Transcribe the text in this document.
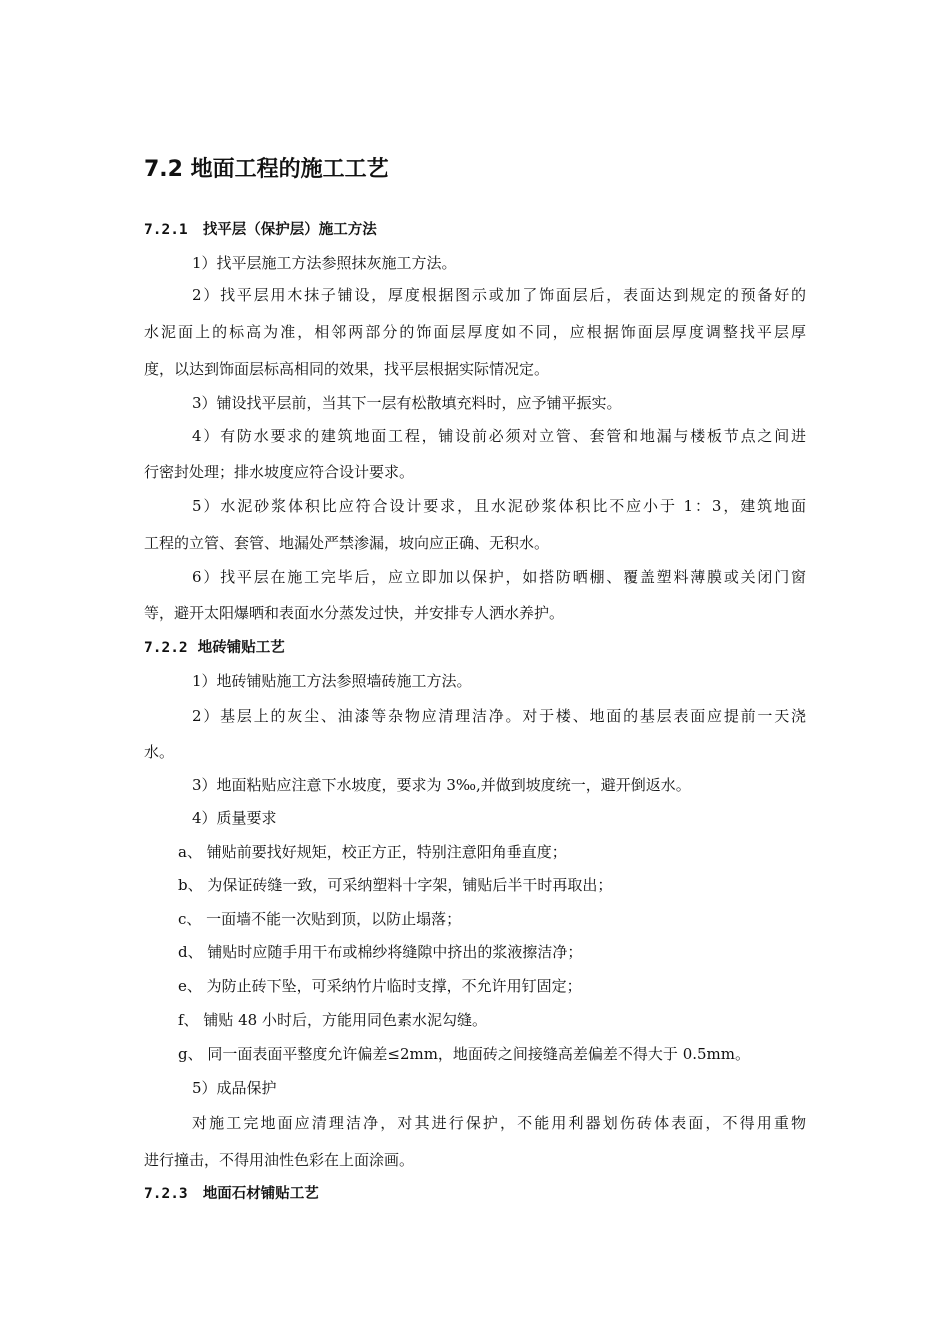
7.2 地面工程的施工工艺
7.2.1 找平层（保护层）施工方法
1）找平层施工方法参照抹灰施工方法。
2）找平层用木抹子铺设，厚度根据图示或加了饰面层后，表面达到规定的预备好的
水泥面上的标高为准，相邻两部分的饰面层厚度如不同，应根据饰面层厚度调整找平层厚
度，以达到饰面层标高相同的效果，找平层根据实际情况定。
3）铺设找平层前，当其下一层有松散填充料时，应予铺平振实。
4）有防水要求的建筑地面工程，铺设前必须对立管、套管和地漏与楼板节点之间进
行密封处理；排水坡度应符合设计要求。
5）水泥砂浆体积比应符合设计要求，且水泥砂浆体积比不应小于 1：3，建筑地面
工程的立管、套管、地漏处严禁渗漏，坡向应正确、无积水。
6）找平层在施工完毕后，应立即加以保护，如搭防晒棚、覆盖塑料薄膜或关闭门窗
等，避开太阳爆晒和表面水分蒸发过快，并安排专人洒水养护。
7.2.2 地砖铺贴工艺
1）地砖铺贴施工方法参照墙砖施工方法。
2）基层上的灰尘、油漆等杂物应清理洁净。对于楼、地面的基层表面应提前一天浇
水。
3）地面粘贴应注意下水坡度，要求为 3‰,并做到坡度统一，避开倒返水。
4）质量要求
a、 铺贴前要找好规矩，校正方正，特别注意阳角垂直度；
b、 为保证砖缝一致，可采纳塑料十字架，铺贴后半干时再取出；
c、 一面墙不能一次贴到顶，以防止塌落；
d、 铺贴时应随手用干布或棉纱将缝隙中挤出的浆液擦洁净；
e、 为防止砖下坠，可采纳竹片临时支撑，不允许用钉固定；
f、 铺贴 48 小时后，方能用同色素水泥勾缝。
g、 同一面表面平整度允许偏差≤2mm，地面砖之间接缝高差偏差不得大于 0.5mm。
5）成品保护
对施工完地面应清理洁净，对其进行保护，不能用利器划伤砖体表面，不得用重物
进行撞击，不得用油性色彩在上面涂画。
7.2.3 地面石材铺贴工艺
